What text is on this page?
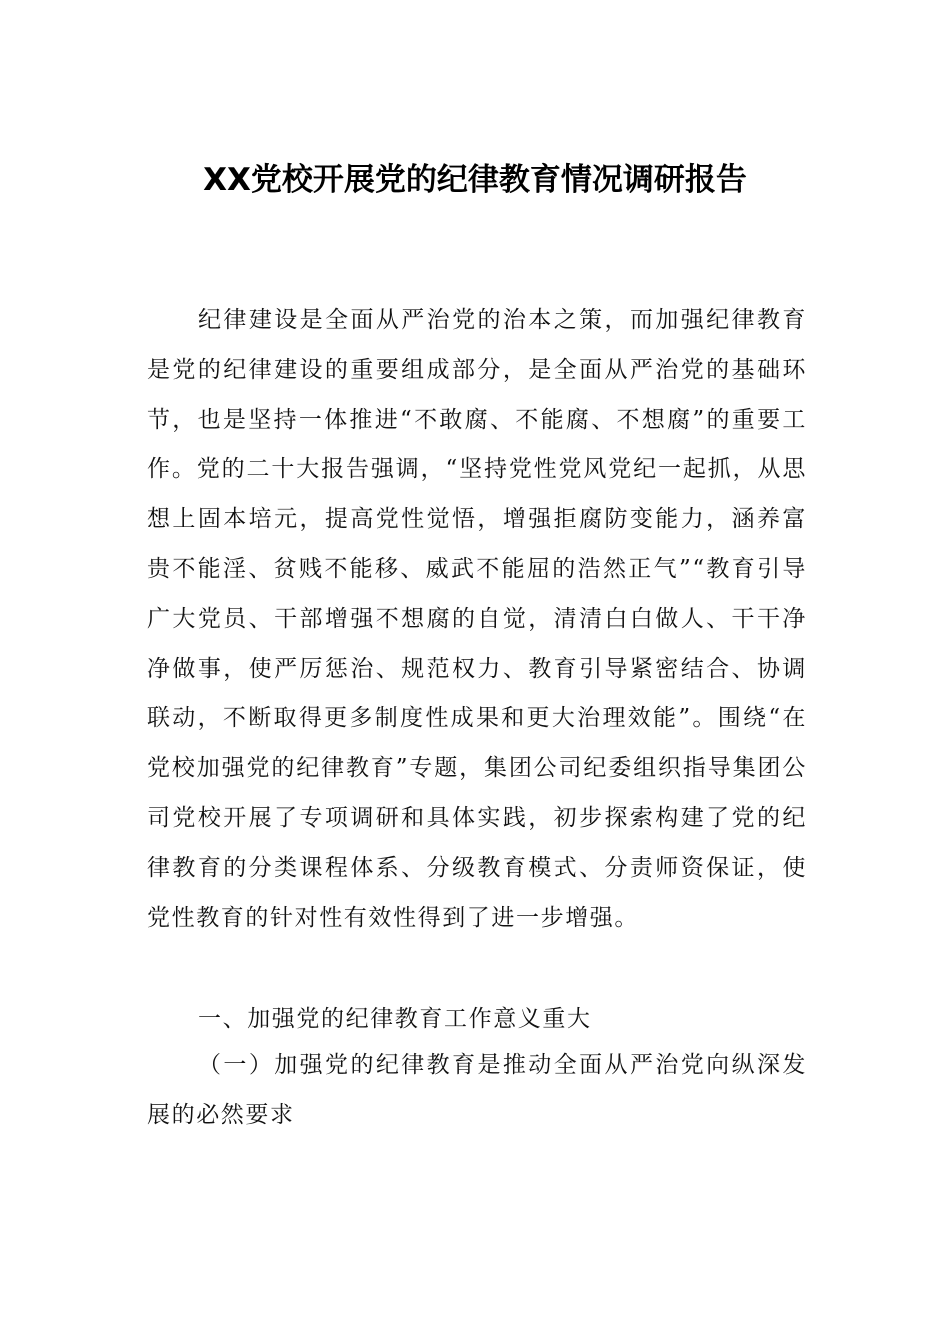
XX党校开展党的纪律教育情况调研报告

纪律建设是全面从严治党的治本之策，而加强纪律教育是党的纪律建设的重要组成部分，是全面从严治党的基础环节，也是坚持一体推进“不敢腐、不能腐、不想腐”的重要工作。党的二十大报告强调，“坚持党性党风党纪一起抓，从思想上固本培元，提高党性觉悟，增强拒腐防变能力，涵养富贵不能淫、贫贱不能移、威武不能屈的浩然正气”“教育引导广大党员、干部增强不想腐的自觉，清清白白做人、干干净净做事，使严厉惩治、规范权力、教育引导紧密结合、协调联动，不断取得更多制度性成果和更大治理效能”。围绕“在党校加强党的纪律教育”专题，集团公司纪委组织指导集团公司党校开展了专项调研和具体实践，初步探索构建了党的纪律教育的分类课程体系、分级教育模式、分责师资保证，使党性教育的针对性有效性得到了进一步增强。

一、加强党的纪律教育工作意义重大

（一）加强党的纪律教育是推动全面从严治党向纵深发展的必然要求
